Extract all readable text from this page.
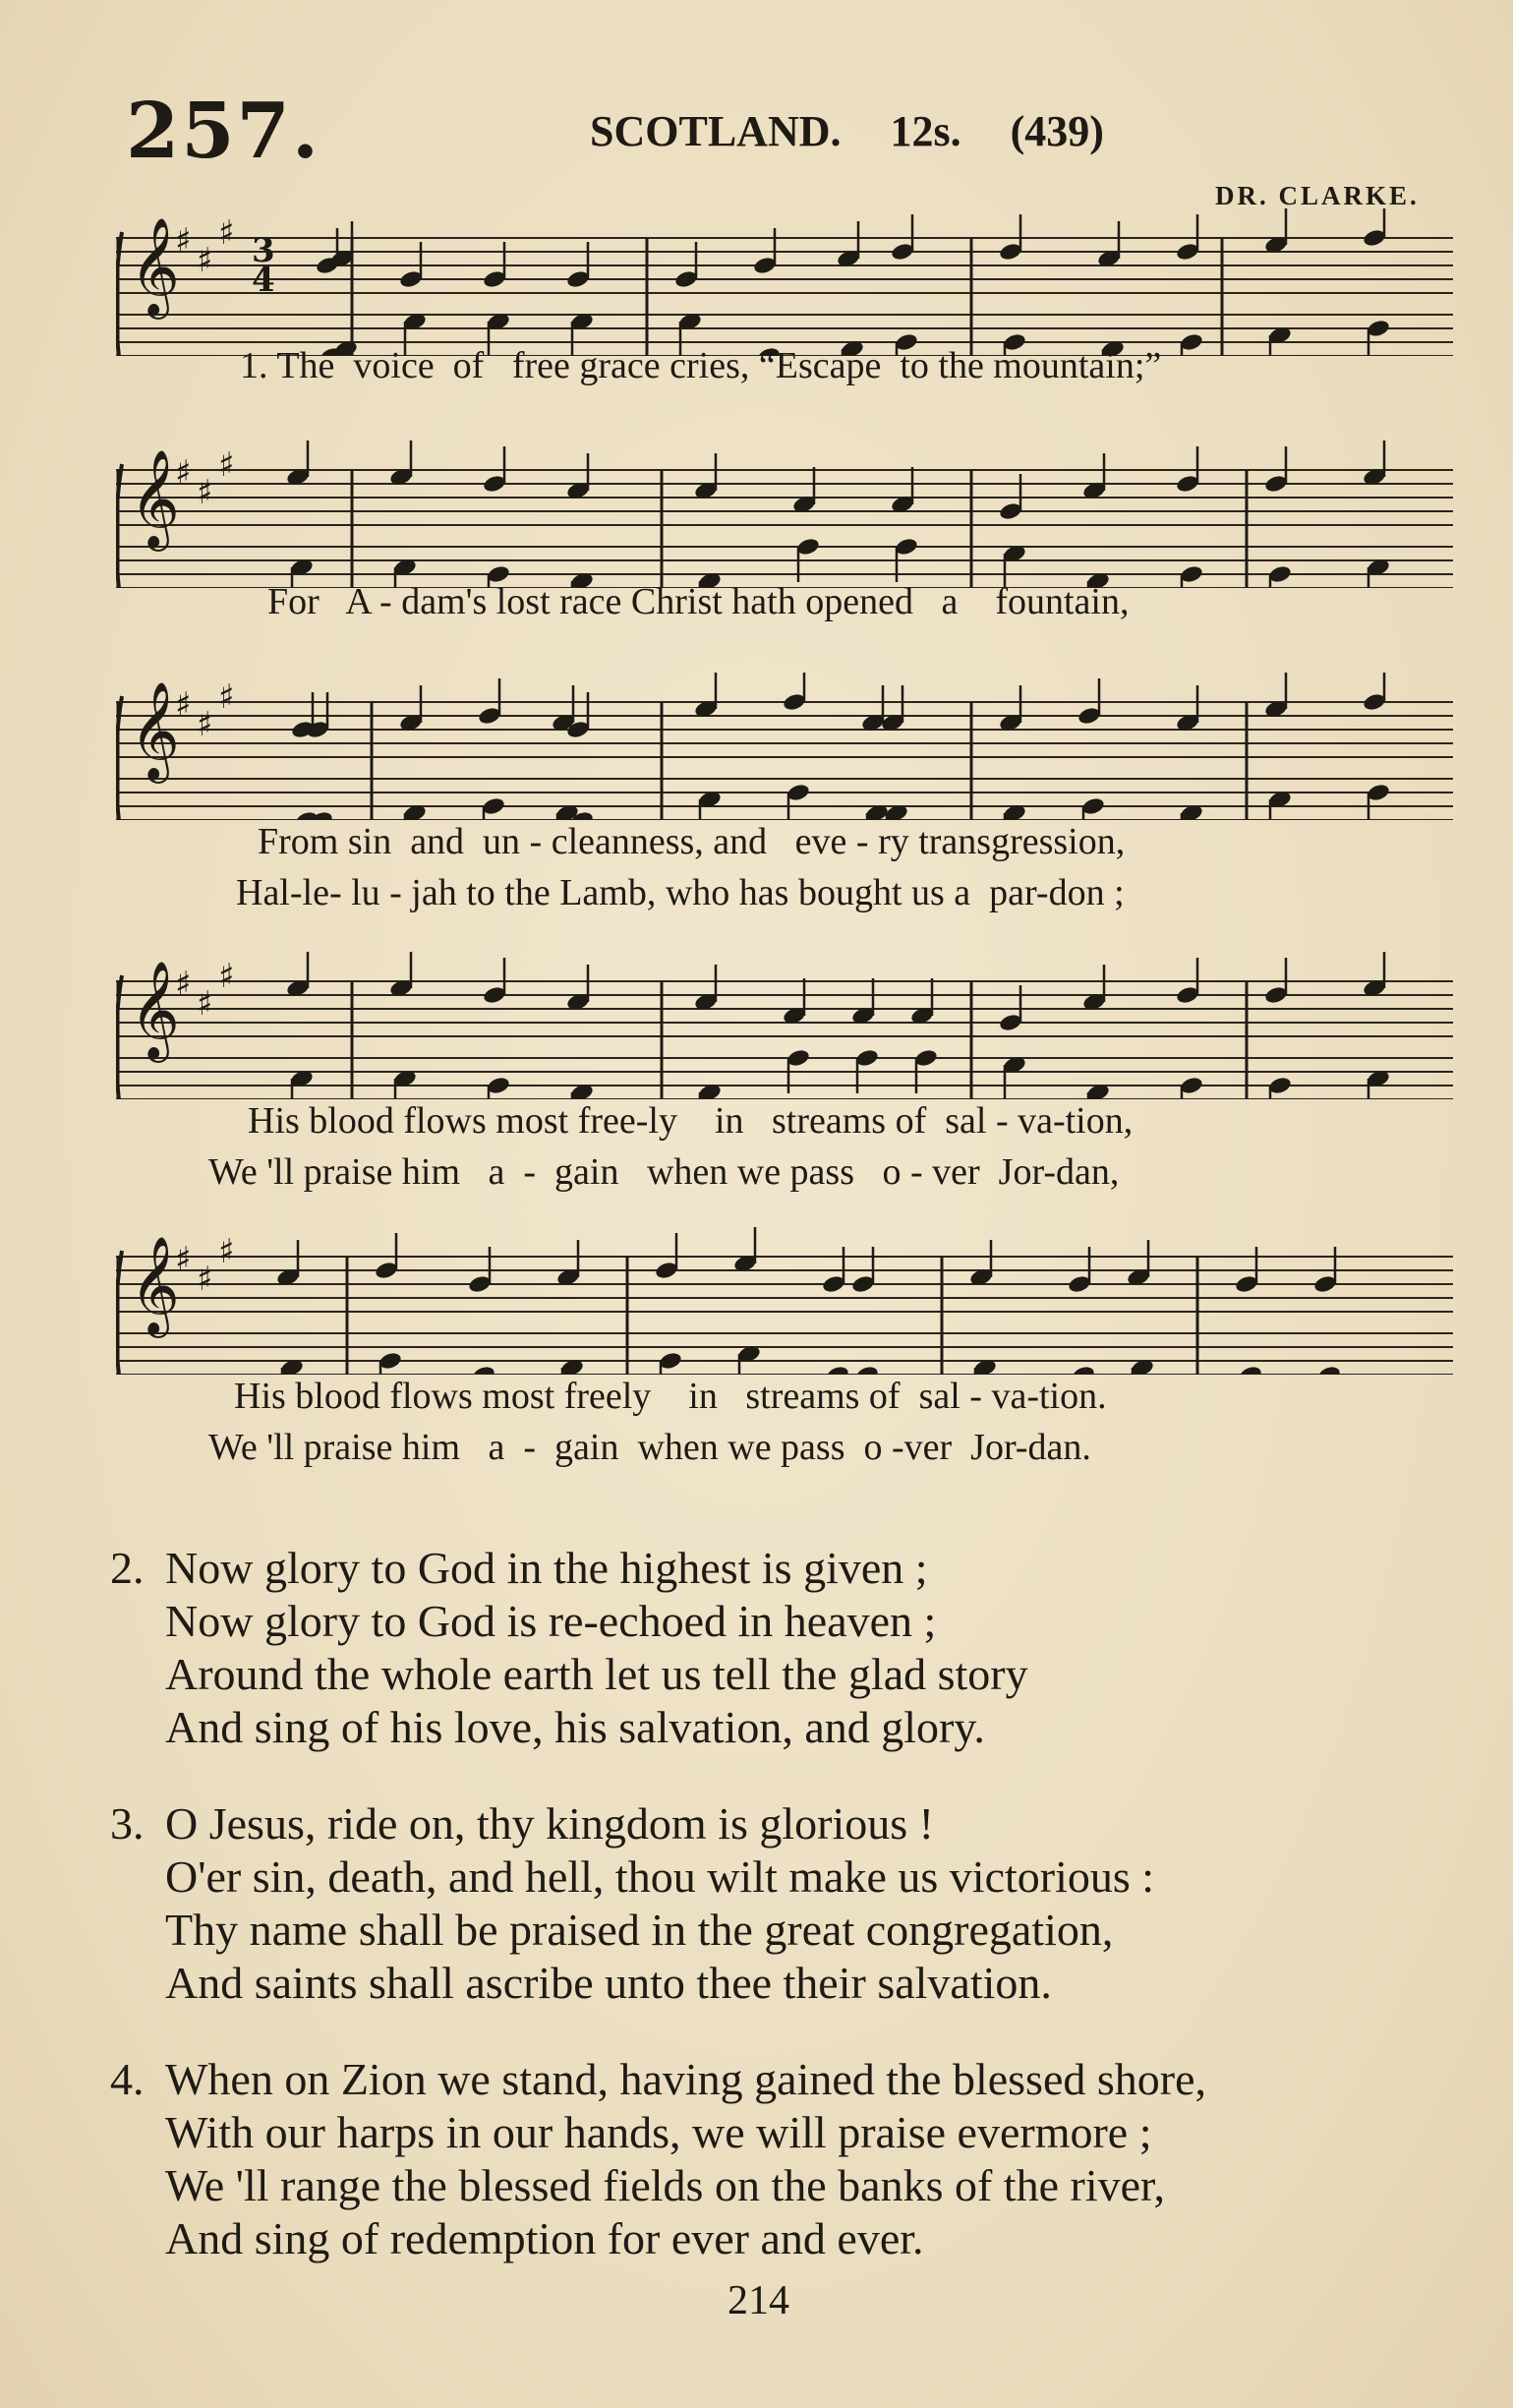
257.	SCOTLAND. 12s. (439)
DR. CLARKE.
𝄞
♯ ♯
♯ 3
4
1. The  voice  of   free grace cries, “Escape  to the mountain;”
𝄞
♯ ♯
♯
For   A - dam's lost race Christ hath opened   a    fountain,
𝄞
♯ ♯
♯
From sin  and  un - cleanness, and   eve - ry transgression,
Hal-le- lu - jah to the Lamb, who has bought us a  par-don ;
𝄞
♯ ♯
♯
His blood flows most free-ly    in   streams of  sal - va-tion,
We 'll praise him   a  -  gain   when we pass   o - ver  Jor-dan,
𝄞
♯ ♯
♯
His blood flows most freely    in   streams of  sal - va-tion.
We 'll praise him   a  -  gain  when we pass  o -ver  Jor-dan.
2. Now glory to God in the highest is given ;
Now glory to God is re-echoed in heaven ;
Around the whole earth let us tell the glad story
And sing of his love, his salvation, and glory.
3. O Jesus, ride on, thy kingdom is glorious !
O'er sin, death, and hell, thou wilt make us victorious :
Thy name shall be praised in the great congregation,
And saints shall ascribe unto thee their salvation.
4. When on Zion we stand, having gained the blessed shore,
With our harps in our hands, we will praise evermore ;
We 'll range the blessed fields on the banks of the river,
And sing of redemption for ever and ever.
214
